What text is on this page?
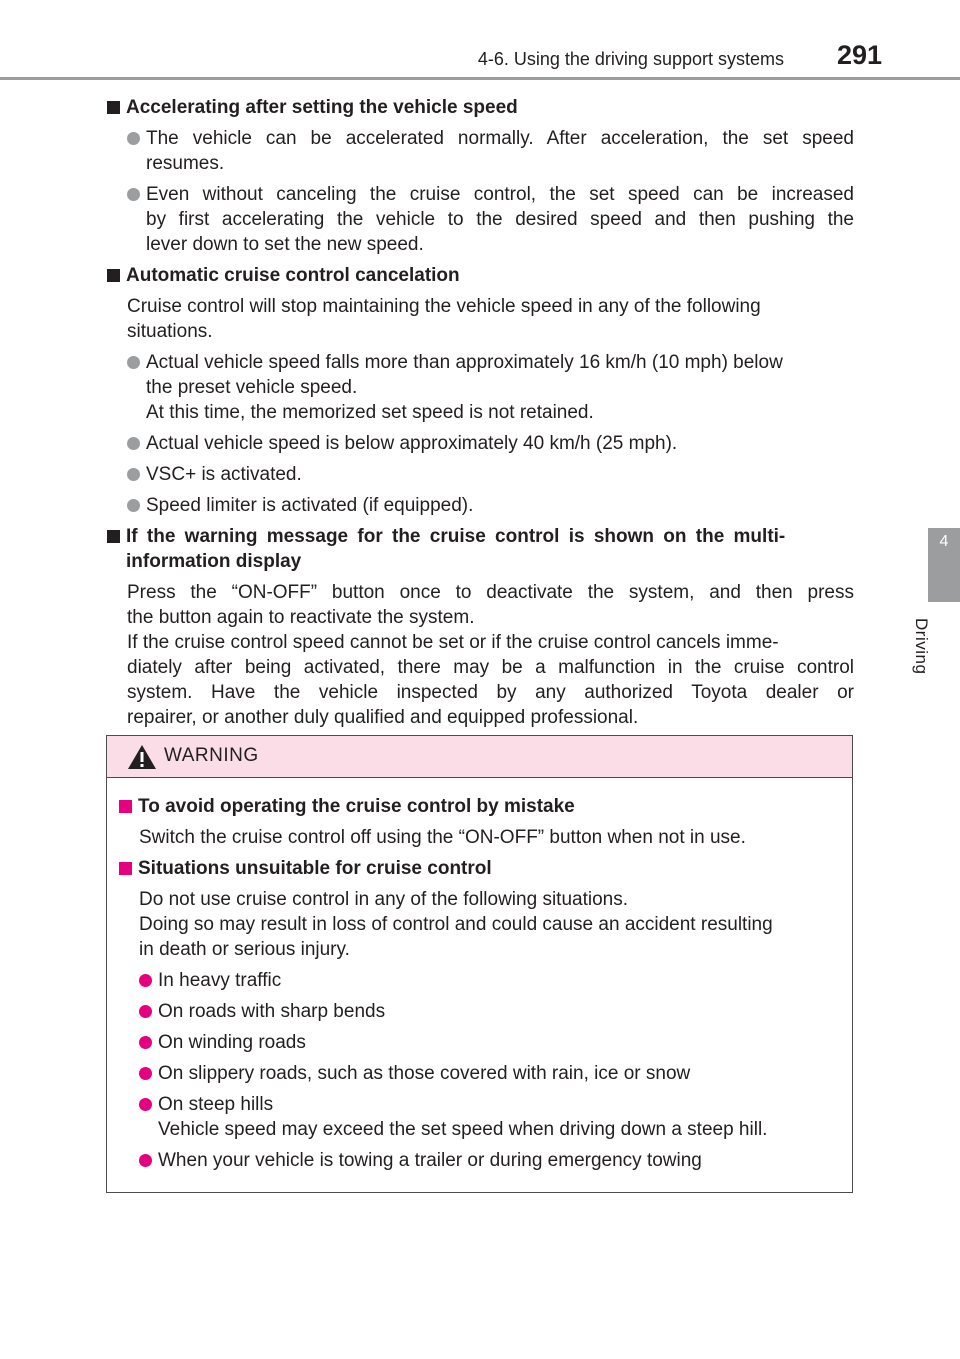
4-6. Using the driving support systems 291
4
Driving
Accelerating after setting the vehicle speed
The vehicle can be accelerated normally. After acceleration, the set speed
resumes.
Even without canceling the cruise control, the set speed can be increased
by first accelerating the vehicle to the desired speed and then pushing the
lever down to set the new speed.
Automatic cruise control cancelation
Cruise control will stop maintaining the vehicle speed in any of the following
situations.
Actual vehicle speed falls more than approximately 16 km/h (10 mph) below
the preset vehicle speed.
At this time, the memorized set speed is not retained.
Actual vehicle speed is below approximately 40 km/h (25 mph).
VSC+ is activated.
Speed limiter is activated (if equipped).
If the warning message for the cruise control is shown on the multi-
information display
Press the “ON-OFF” button once to deactivate the system, and then press
the button again to reactivate the system.
If the cruise control speed cannot be set or if the cruise control cancels imme-
diately after being activated, there may be a malfunction in the cruise control
system. Have the vehicle inspected by any authorized Toyota dealer or
repairer, or another duly qualified and equipped professional.
WARNING
To avoid operating the cruise control by mistake
Switch the cruise control off using the “ON-OFF” button when not in use.
Situations unsuitable for cruise control
Do not use cruise control in any of the following situations.
Doing so may result in loss of control and could cause an accident resulting
in death or serious injury.
In heavy traffic
On roads with sharp bends
On winding roads
On slippery roads, such as those covered with rain, ice or snow
On steep hills
Vehicle speed may exceed the set speed when driving down a steep hill.
When your vehicle is towing a trailer or during emergency towing
